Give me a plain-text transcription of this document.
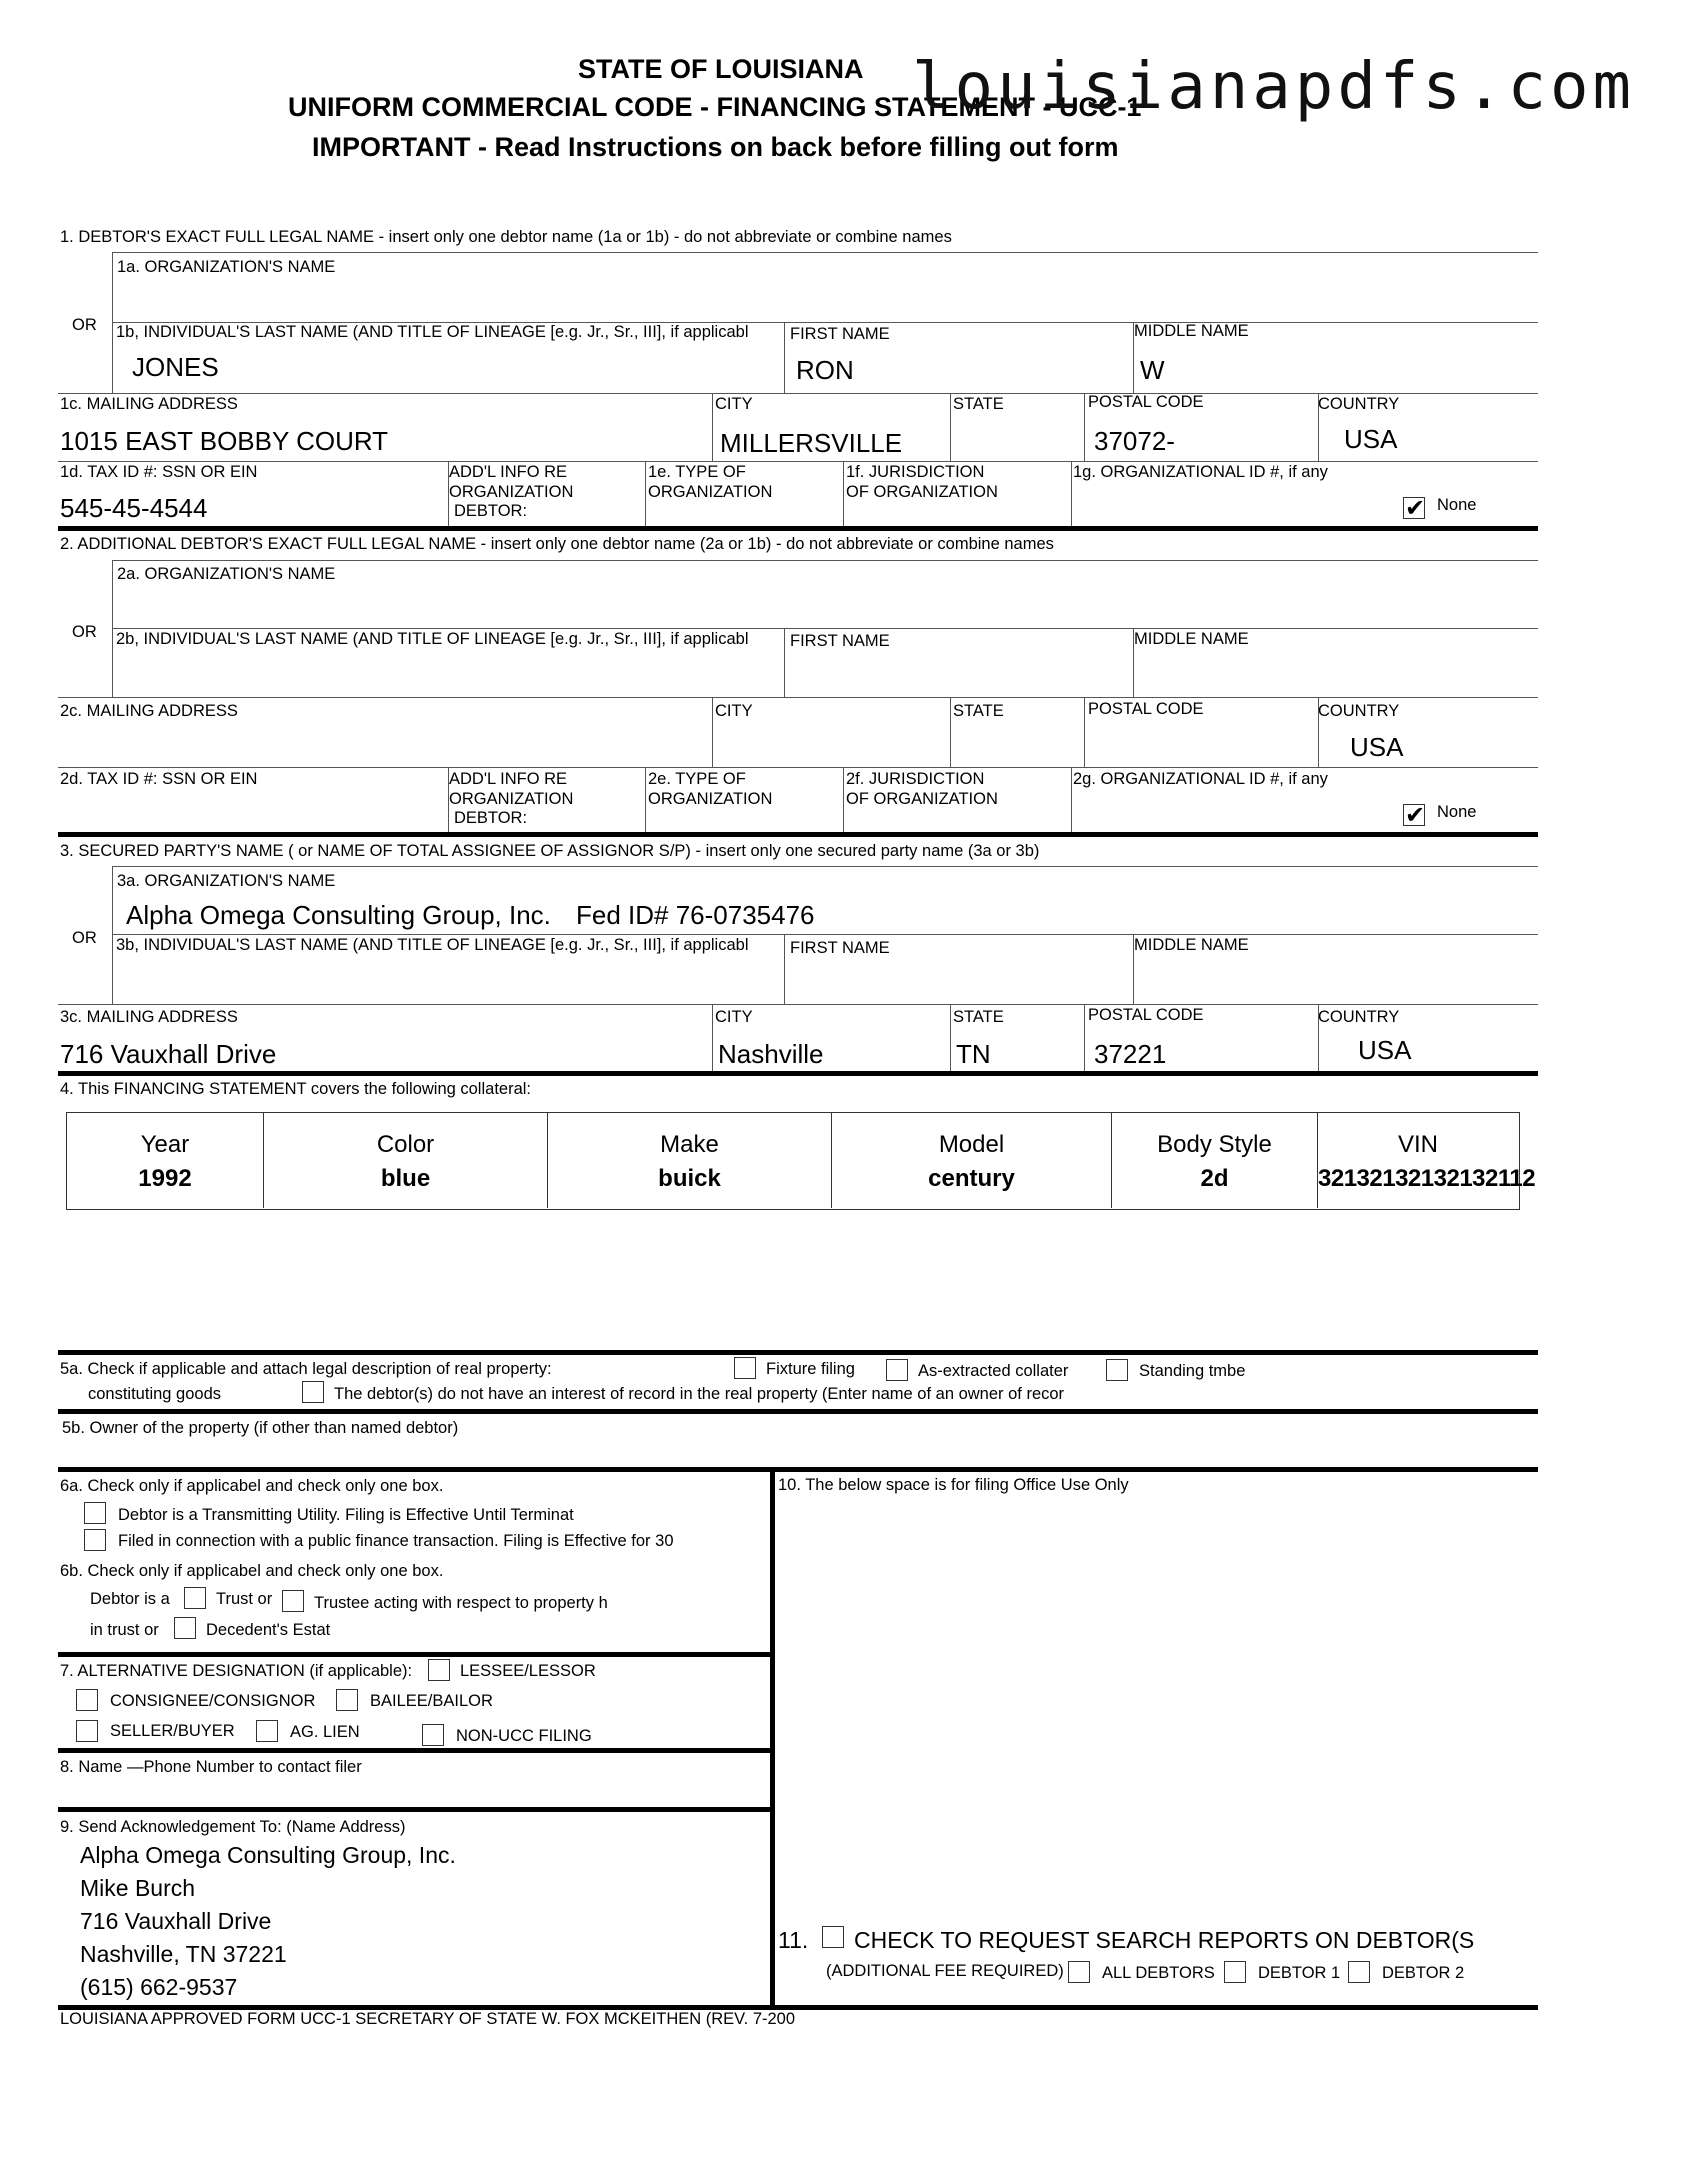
STATE OF LOUISIANA
UNIFORM COMMERCIAL CODE - FINANCING STATEMENT - UCC-1
IMPORTANT - Read Instructions on back before filling out form
louisianapdfs.com
1. DEBTOR'S EXACT FULL LEGAL NAME - insert only one debtor name (1a or 1b) - do not abbreviate or combine names
1a. ORGANIZATION'S NAME
OR 1b, INDIVIDUAL'S LAST NAME (AND TITLE OF LINEAGE [e.g. Jr., Sr., III], if applicabl
JONES
FIRST NAME
RON
MIDDLE NAME
W
1c. MAILING ADDRESS
1015 EAST BOBBY COURT
CITY
MILLERSVILLE
STATE	POSTAL CODE
37072-
COUNTRY
USA
1d. TAX ID #: SSN OR EIN
545-45-4544
ADD'L INFO RE
ORGANIZATION
DEBTOR:
1e. TYPE OF
ORGANIZATION
1f. JURISDICTION
OF ORGANIZATION
1g. ORGANIZATIONAL ID #, if any
✔
None
2. ADDITIONAL DEBTOR'S EXACT FULL LEGAL NAME - insert only one debtor name (2a or 1b) - do not abbreviate or combine names
2a. ORGANIZATION'S NAME
OR 2b, INDIVIDUAL'S LAST NAME (AND TITLE OF LINEAGE [e.g. Jr., Sr., III], if applicabl	FIRST NAME	MIDDLE NAME
2c. MAILING ADDRESS	CITY	STATE	POSTAL CODE	COUNTRY
USA
2d. TAX ID #: SSN OR EIN	ADD'L INFO RE
ORGANIZATION
DEBTOR:
2e. TYPE OF
ORGANIZATION
2f. JURISDICTION
OF ORGANIZATION
2g. ORGANIZATIONAL ID #, if any
✔
None
3. SECURED PARTY'S NAME ( or NAME OF TOTAL ASSIGNEE OF ASSIGNOR S/P) - insert only one secured party name (3a or 3b)
3a. ORGANIZATION'S NAME
Alpha Omega Consulting Group, Inc. Fed ID# 76-0735476
OR 3b, INDIVIDUAL'S LAST NAME (AND TITLE OF LINEAGE [e.g. Jr., Sr., III], if applicabl	FIRST NAME	MIDDLE NAME
3c. MAILING ADDRESS
716 Vauxhall Drive
CITY
Nashville
STATE
TN
POSTAL CODE
37221
COUNTRY
USA
4. This FINANCING STATEMENT covers the following collateral:
Year
1992
Color
blue
Make
buick
Model
century
Body Style
2d
VIN
32132132132132112
5a. Check if applicable and attach legal description of real property:	Fixture filing	As-extracted collater	Standing tmbe
constituting goods	The debtor(s) do not have an interest of record in the real property (Enter name of an owner of recor
5b. Owner of the property (if other than named debtor)
6a. Check only if applicabel and check only one box.
Debtor is a Transmitting Utility. Filing is Effective Until Terminat
Filed in connection with a public finance transaction. Filing is Effective for 30
6b. Check only if applicabel and check only one box.
Debtor is a	Trust or	Trustee acting with respect to property h
in trust or	Decedent's Estat
7. ALTERNATIVE DESIGNATION (if applicable):	LESSEE/LESSOR
CONSIGNEE/CONSIGNOR	BAILEE/BAILOR
SELLER/BUYER	AG. LIEN	NON-UCC FILING
8. Name —Phone Number to contact filer
9. Send Acknowledgement To: (Name Address)
Alpha Omega Consulting Group, Inc.
Mike Burch
716 Vauxhall Drive
Nashville, TN 37221
(615) 662-9537
10. The below space is for filing Office Use Only
11. CHECK TO REQUEST SEARCH REPORTS ON DEBTOR(S
(ADDITIONAL FEE REQUIRED) ALL DEBTORS	DEBTOR 1	DEBTOR 2
LOUISIANA APPROVED FORM UCC-1 SECRETARY OF STATE W. FOX MCKEITHEN (REV. 7-200
